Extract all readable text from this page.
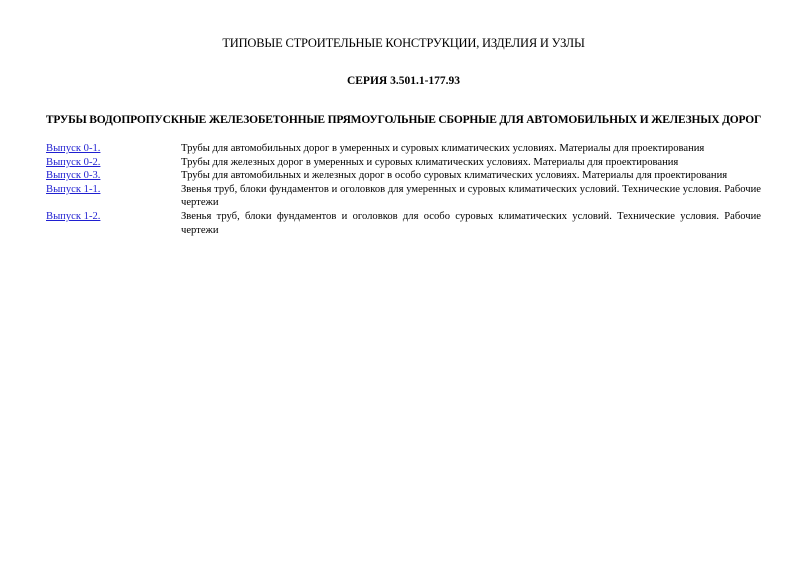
ТИПОВЫЕ СТРОИТЕЛЬНЫЕ КОНСТРУКЦИИ, ИЗДЕЛИЯ И УЗЛЫ
СЕРИЯ 3.501.1-177.93
ТРУБЫ ВОДОПРОПУСКНЫЕ ЖЕЛЕЗОБЕТОННЫЕ ПРЯМОУГОЛЬНЫЕ СБОРНЫЕ ДЛЯ АВТОМОБИЛЬНЫХ И ЖЕЛЕЗНЫХ ДОРОГ
Выпуск 0-1.	Трубы для автомобильных дорог в умеренных и суровых климатических условиях. Материалы для проектирования
Выпуск 0-2.	Трубы для железных дорог в умеренных и суровых климатических условиях. Материалы для проектирования
Выпуск 0-3.	Трубы для автомобильных и железных дорог в особо суровых климатических условиях. Материалы для проектирования
Выпуск 1-1.	Звенья труб, блоки фундаментов и оголовков для умеренных и суровых климатических условий. Технические условия. Рабочие чертежи
Выпуск 1-2.	Звенья труб, блоки фундаментов и оголовков для особо суровых климатических условий. Технические условия. Рабочие чертежи
